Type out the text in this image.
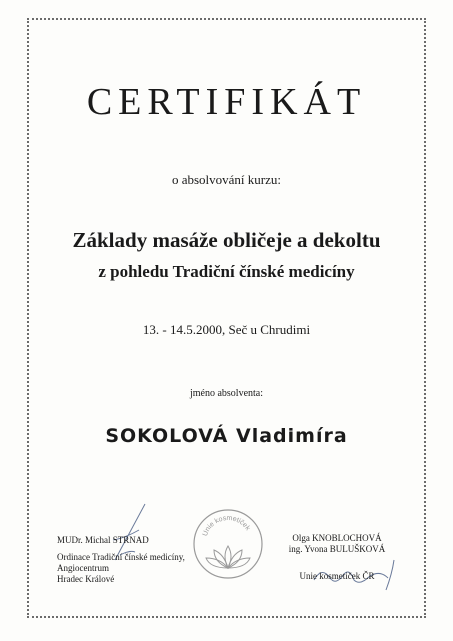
CERTIFIKÁT
o absolvování kurzu:
Základy masáže obličeje a dekoltu
z pohledu Tradiční čínské medicíny
13. - 14.5.2000, Seč u Chrudimi
jméno absolventa:
SOKOLOVÁ Vladimíra
MUDr. Michal STRNAD
Ordinace Tradiční čínské medicíny,
Angiocentrum
Hradec Králové
Unie kosmetiček
Olga KNOBLOCHOVÁ
ing. Yvona BULUŠKOVÁ
Unie kosmetiček ČR
